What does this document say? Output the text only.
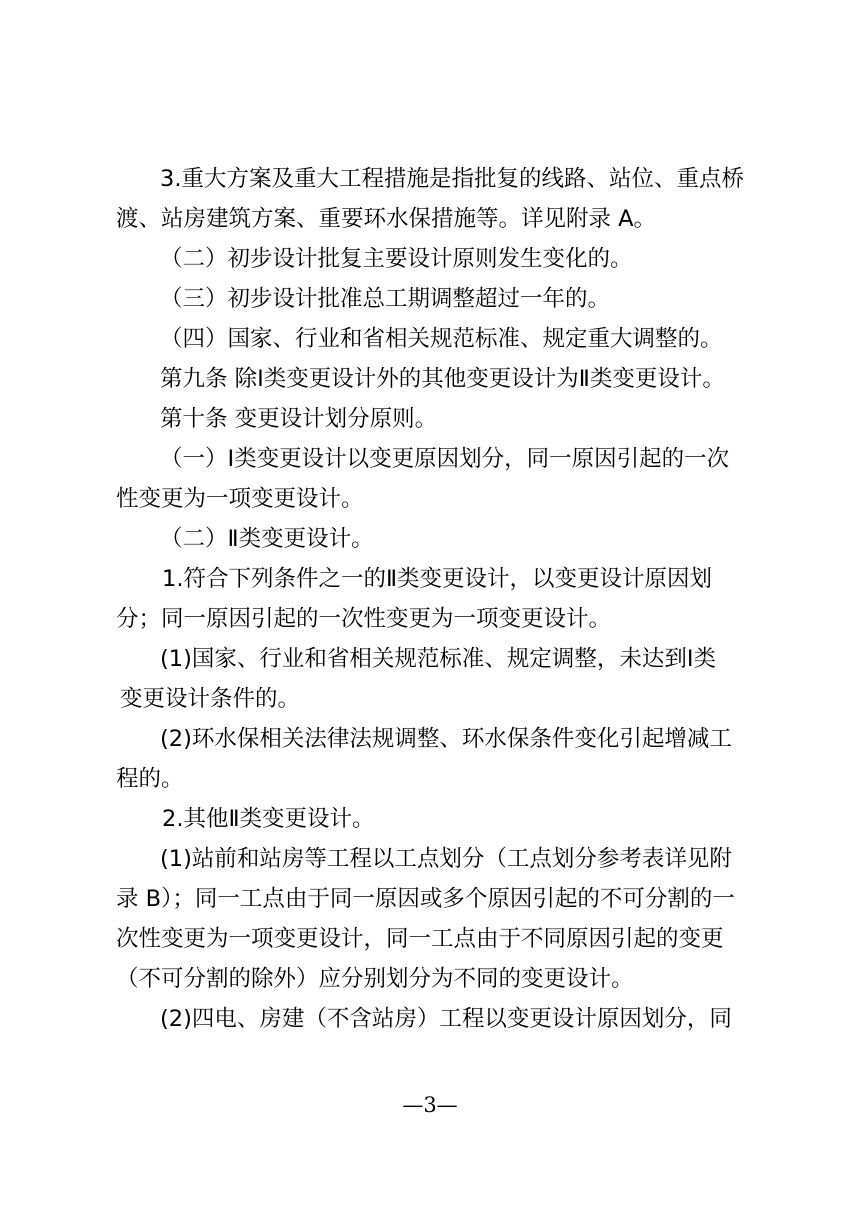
3.重大方案及重大工程措施是指批复的线路、站位、重点桥
渡、站房建筑方案、重要环水保措施等。详见附录 A。
（二）初步设计批复主要设计原则发生变化的。
（三）初步设计批准总工期调整超过一年的。
（四）国家、行业和省相关规范标准、规定重大调整的。
第九条 除Ⅰ类变更设计外的其他变更设计为Ⅱ类变更设计。
第十条 变更设计划分原则。
（一）Ⅰ类变更设计以变更原因划分，同一原因引起的一次
性变更为一项变更设计。
（二）Ⅱ类变更设计。
1.符合下列条件之一的Ⅱ类变更设计，以变更设计原因划
分；同一原因引起的一次性变更为一项变更设计。
(1)国家、行业和省相关规范标准、规定调整，未达到Ⅰ类
变更设计条件的。
(2)环水保相关法律法规调整、环水保条件变化引起增减工
程的。
2.其他Ⅱ类变更设计。
(1)站前和站房等工程以工点划分（工点划分参考表详见附
录 B）；同一工点由于同一原因或多个原因引起的不可分割的一
次性变更为一项变更设计，同一工点由于不同原因引起的变更
（不可分割的除外）应分别划分为不同的变更设计。
(2)四电、房建（不含站房）工程以变更设计原因划分，同
—3—
